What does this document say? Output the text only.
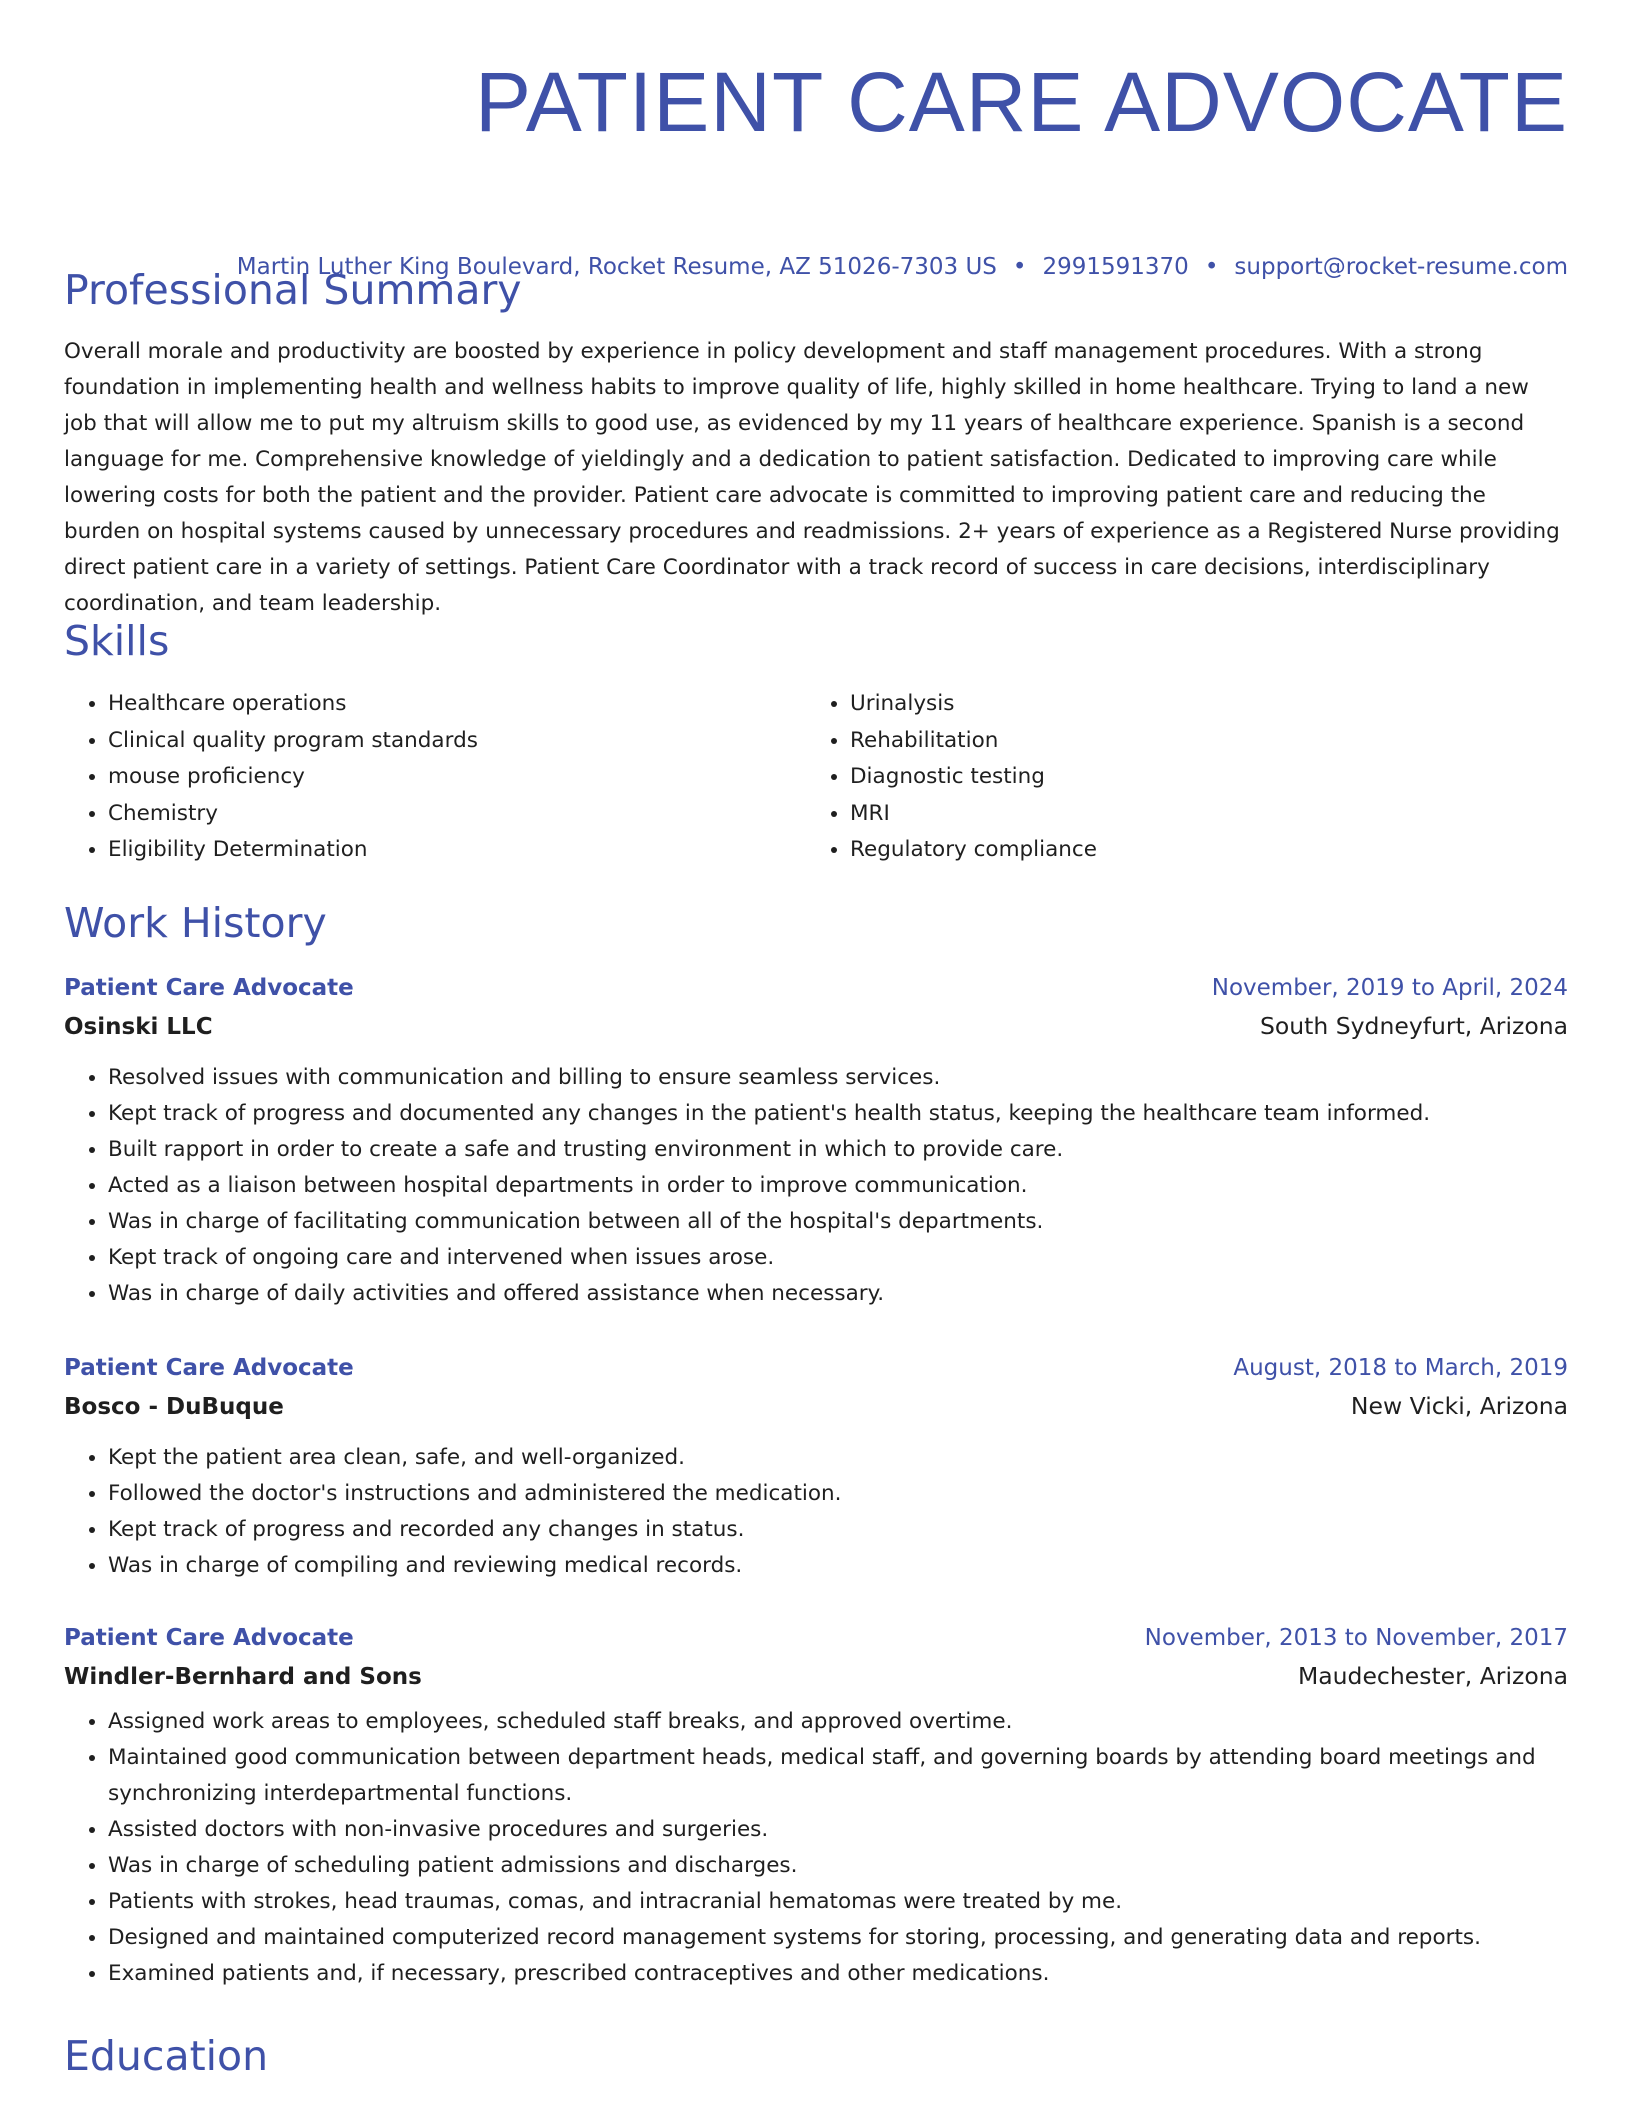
PATIENT CARE ADVOCATE
Martin Luther King Boulevard, Rocket Resume, AZ 51026-7303 US • 2991591370 • support@rocket-resume.com
Professional Summary

Overall morale and productivity are boosted by experience in policy development and staff management procedures. With a strong foundation in implementing health and wellness habits to improve quality of life, highly skilled in home healthcare. Trying to land a new job that will allow me to put my altruism skills to good use, as evidenced by my 11 years of healthcare experience. Spanish is a second language for me. Comprehensive knowledge of yieldingly and a dedication to patient satisfaction. Dedicated to improving care while lowering costs for both the patient and the provider. Patient care advocate is committed to improving patient care and reducing the burden on hospital systems caused by unnecessary procedures and readmissions. 2+ years of experience as a Registered Nurse providing direct patient care in a variety of settings. Patient Care Coordinator with a track record of success in care decisions, interdisciplinary coordination, and team leadership.

Skills
• Healthcare operations
• Clinical quality program standards
• mouse proficiency
• Chemistry
• Eligibility Determination
• Urinalysis
• Rehabilitation
• Diagnostic testing
• MRI
• Regulatory compliance
Work History
Patient Care Advocate	November, 2019 to April, 2024
Osinski LLC	South Sydneyfurt, Arizona
• Resolved issues with communication and billing to ensure seamless services.
• Kept track of progress and documented any changes in the patient's health status, keeping the healthcare team informed.
• Built rapport in order to create a safe and trusting environment in which to provide care.
• Acted as a liaison between hospital departments in order to improve communication.
• Was in charge of facilitating communication between all of the hospital's departments.
• Kept track of ongoing care and intervened when issues arose.
• Was in charge of daily activities and offered assistance when necessary.
Patient Care Advocate	August, 2018 to March, 2019
Bosco - DuBuque	New Vicki, Arizona
• Kept the patient area clean, safe, and well-organized.
• Followed the doctor's instructions and administered the medication.
• Kept track of progress and recorded any changes in status.
• Was in charge of compiling and reviewing medical records.
Patient Care Advocate	November, 2013 to November, 2017
Windler-Bernhard and Sons	Maudechester, Arizona
• Assigned work areas to employees, scheduled staff breaks, and approved overtime.
• Maintained good communication between department heads, medical staff, and governing boards by attending board meetings and synchronizing interdepartmental functions.
• Assisted doctors with non-invasive procedures and surgeries.
• Was in charge of scheduling patient admissions and discharges.
• Patients with strokes, head traumas, comas, and intracranial hematomas were treated by me.
• Designed and maintained computerized record management systems for storing, processing, and generating data and reports.
• Examined patients and, if necessary, prescribed contraceptives and other medications.
Education
